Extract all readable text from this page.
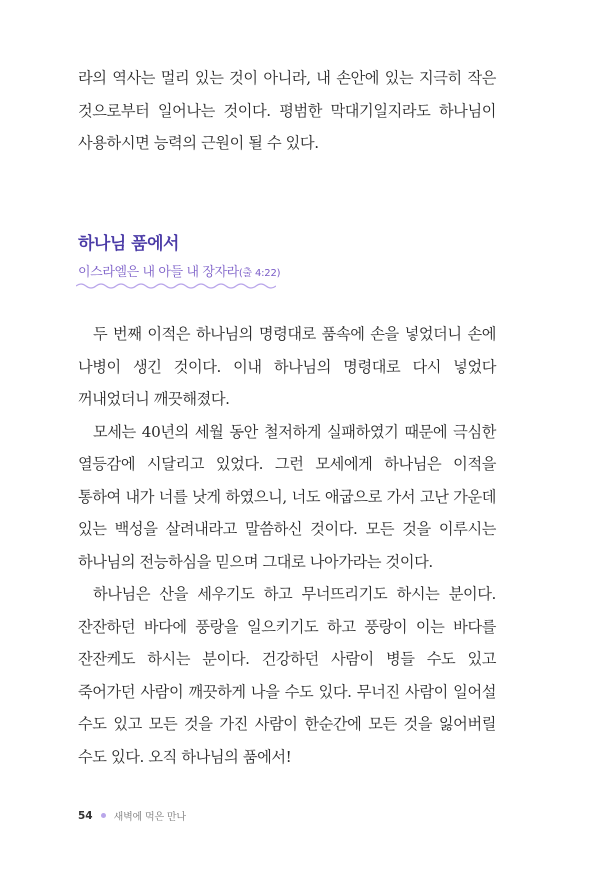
라의 역사는 멀리 있는 것이 아니라, 내 손안에 있는 지극히 작은 것으로부터 일어나는 것이다. 평범한 막대기일지라도 하나님이 사용하시면 능력의 근원이 될 수 있다.

하나님 품에서
이스라엘은 내 아들 내 장자라(출 4:22)

두 번째 이적은 하나님의 명령대로 품속에 손을 넣었더니 손에 나병이 생긴 것이다. 이내 하나님의 명령대로 다시 넣었다 꺼내었더니 깨끗해졌다.

모세는 40년의 세월 동안 철저하게 실패하였기 때문에 극심한 열등감에 시달리고 있었다. 그런 모세에게 하나님은 이적을 통하여 내가 너를 낫게 하였으니, 너도 애굽으로 가서 고난 가운데 있는 백성을 살려내라고 말씀하신 것이다. 모든 것을 이루시는 하나님의 전능하심을 믿으며 그대로 나아가라는 것이다.

하나님은 산을 세우기도 하고 무너뜨리기도 하시는 분이다. 잔잔하던 바다에 풍랑을 일으키기도 하고 풍랑이 이는 바다를 잔잔케도 하시는 분이다. 건강하던 사람이 병들 수도 있고 죽어가던 사람이 깨끗하게 나을 수도 있다. 무너진 사람이 일어설 수도 있고 모든 것을 가진 사람이 한순간에 모든 것을 잃어버릴 수도 있다. 오직 하나님의 품에서!

54 새벽에 먹은 만나
